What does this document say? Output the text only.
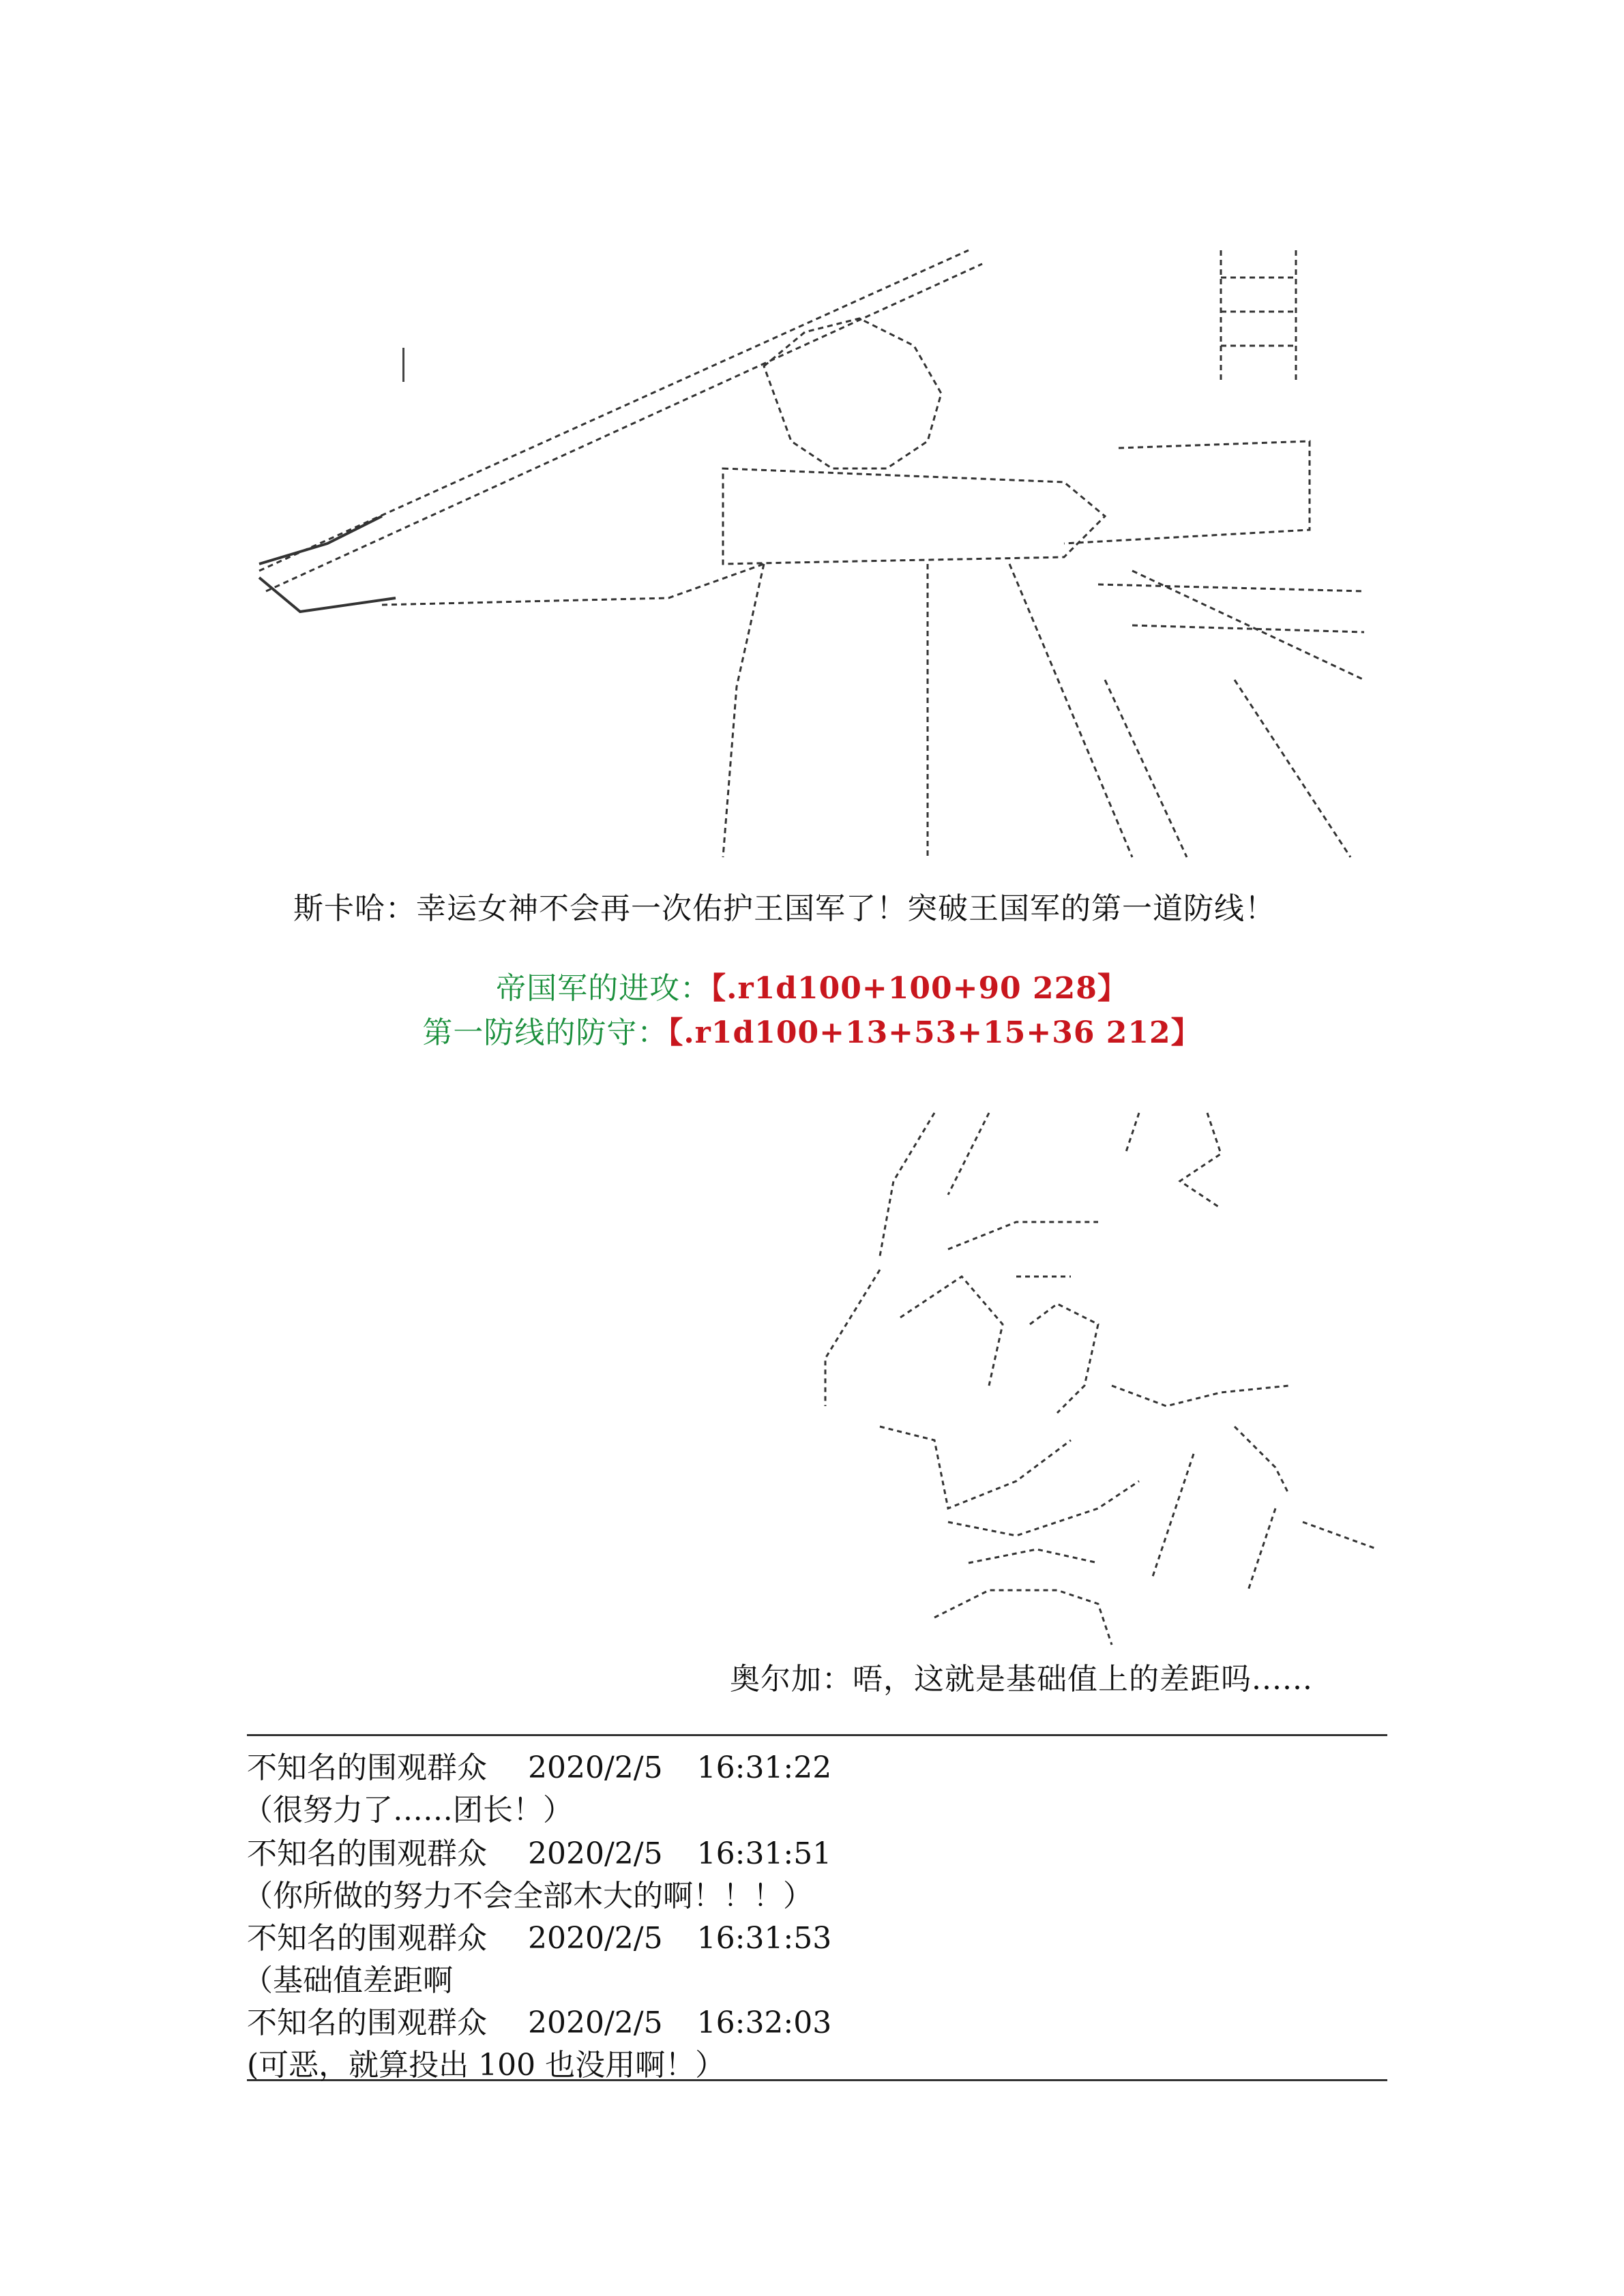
斯卡哈：幸运女神不会再一次佑护王国军了！突破王国军的第一道防线！
帝国军的进攻：【.r1d100+100+90 228】
第一防线的防守：【.r1d100+13+53+15+36 212】

奥尔加：唔，这就是基础值上的差距吗......
不知名的围观群众 2020/2/5 16:31:22
（很努力了……团长！）
不知名的围观群众 2020/2/5 16:31:51
（你所做的努力不会全部木大的啊！！！）
不知名的围观群众 2020/2/5 16:31:53
（基础值差距啊
不知名的围观群众 2020/2/5 16:32:03
(可恶，就算投出 100 也没用啊！）
